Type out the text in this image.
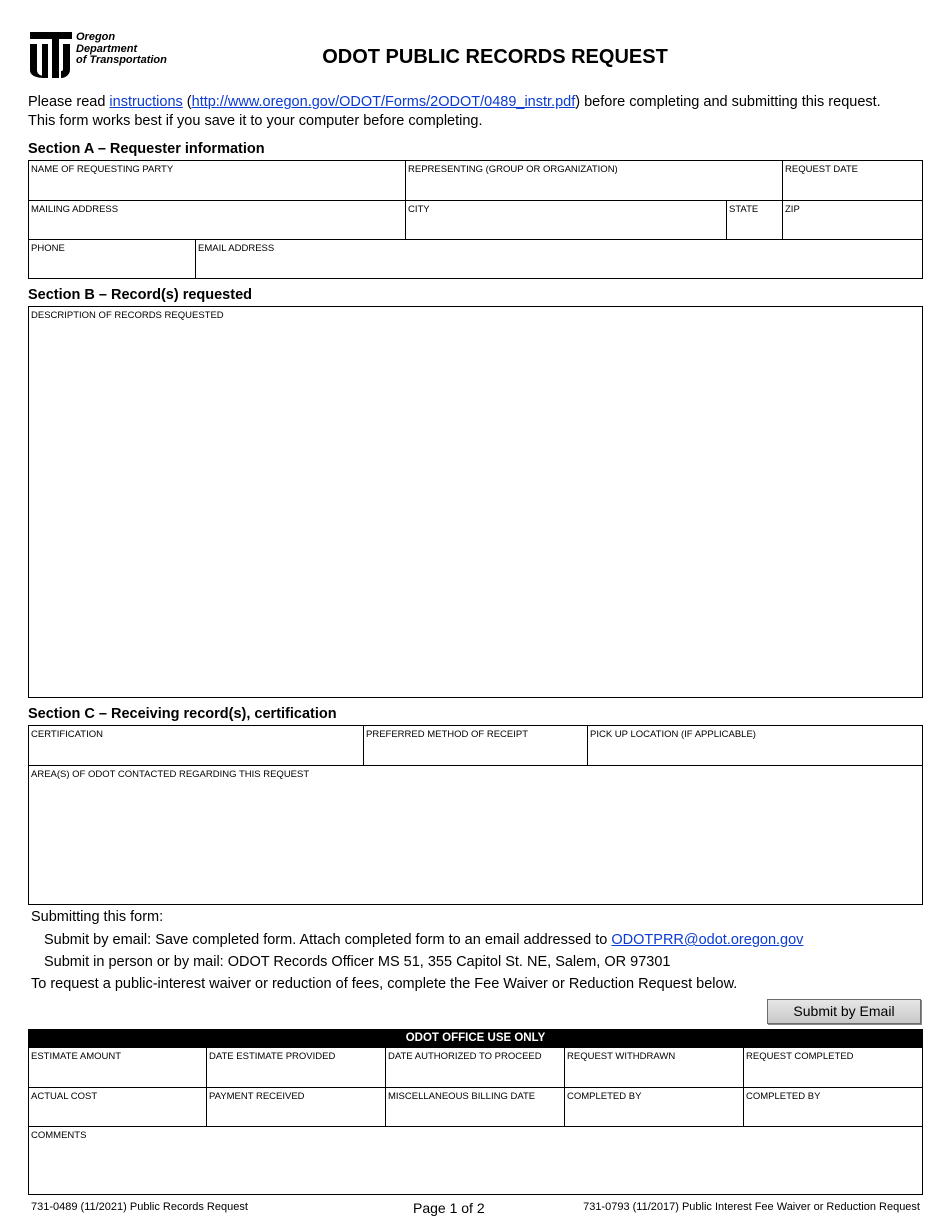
Oregon
Department
of Transportation	ODOT PUBLIC RECORDS REQUEST
Please read instructions (http://www.oregon.gov/ODOT/Forms/2ODOT/0489_instr.pdf) before completing and submitting this request. This form works best if you save it to your computer before completing.
Section A – Requester information
NAME OF REQUESTING PARTY	REPRESENTING (GROUP OR ORGANIZATION)	REQUEST DATE
MAILING ADDRESS	CITY	STATE	ZIP
PHONE	EMAIL ADDRESS
Section B – Record(s) requested
DESCRIPTION OF RECORDS REQUESTED
Section C – Receiving record(s), certification
CERTIFICATION	PREFERRED METHOD OF RECEIPT	PICK UP LOCATION (IF APPLICABLE)
AREA(S) OF ODOT CONTACTED REGARDING THIS REQUEST
Submitting this form:
Submit by email: Save completed form. Attach completed form to an email addressed to ODOTPRR@odot.oregon.gov
Submit in person or by mail: ODOT Records Officer MS 51, 355 Capitol St. NE, Salem, OR 97301
To request a public-interest waiver or reduction of fees, complete the Fee Waiver or Reduction Request below.
Submit by Email
ODOT OFFICE USE ONLY
ESTIMATE AMOUNT	DATE ESTIMATE PROVIDED	DATE AUTHORIZED TO PROCEED	REQUEST WITHDRAWN	REQUEST COMPLETED
ACTUAL COST	PAYMENT RECEIVED	MISCELLANEOUS BILLING DATE	COMPLETED BY	COMPLETED BY
COMMENTS
731-0489 (11/2021) Public Records Request	Page 1 of 2	731-0793 (11/2017) Public Interest Fee Waiver or Reduction Request
